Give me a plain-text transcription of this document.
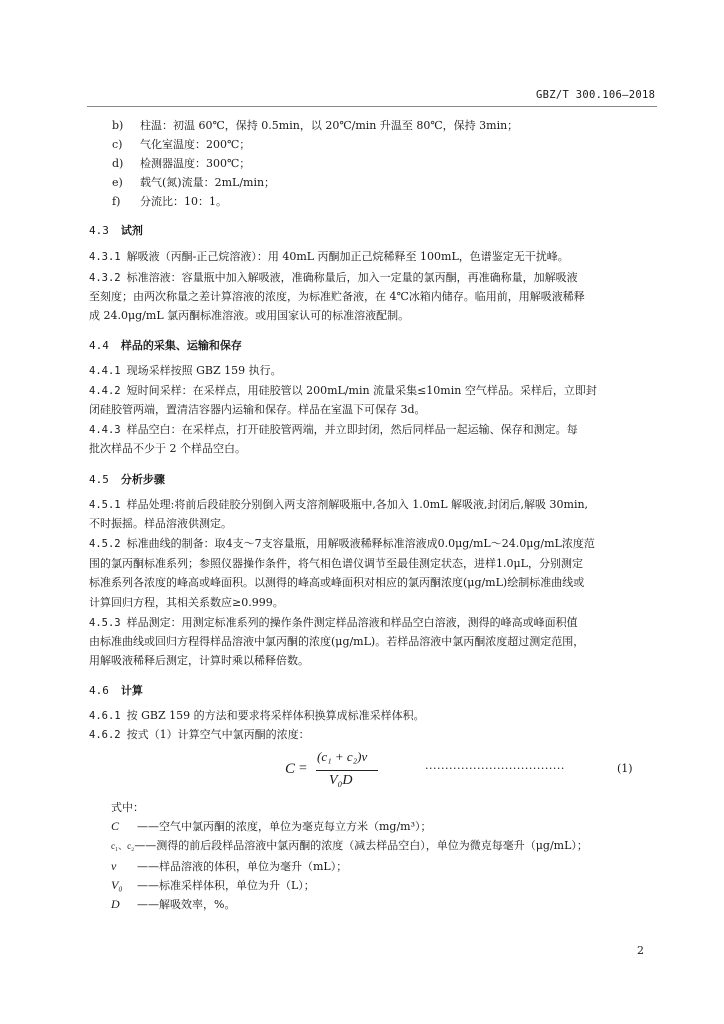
GBZ/T 300.106—2018
b) 柱温：初温 60℃，保持 0.5min，以 20℃/min 升温至 80℃，保持 3min；
c) 气化室温度：200℃；
d) 检测器温度：300℃；
e) 载气(氮)流量：2mL/min；
f) 分流比：10：1。
4.3 试剂
4.3.1 解吸液（丙酮-正己烷溶液）：用 40mL 丙酮加正己烷稀释至 100mL，色谱鉴定无干扰峰。
4.3.2 标准溶液：容量瓶中加入解吸液，准确称量后，加入一定量的氯丙酮，再准确称量，加解吸液
至刻度；由两次称量之差计算溶液的浓度，为标准贮备液，在 4℃冰箱内储存。临用前，用解吸液稀释
成 24.0μg/mL 氯丙酮标准溶液。或用国家认可的标准溶液配制。
4.4 样品的采集、运输和保存
4.4.1 现场采样按照 GBZ 159 执行。
4.4.2 短时间采样：在采样点，用硅胶管以 200mL/min 流量采集≤10min 空气样品。采样后，立即封
闭硅胶管两端，置清洁容器内运输和保存。样品在室温下可保存 3d。
4.4.3 样品空白：在采样点，打开硅胶管两端，并立即封闭，然后同样品一起运输、保存和测定。每
批次样品不少于 2 个样品空白。
4.5 分析步骤
4.5.1 样品处理:将前后段硅胶分别倒入两支溶剂解吸瓶中,各加入 1.0mL 解吸液,封闭后,解吸 30min,
不时振摇。样品溶液供测定。
4.5.2 标准曲线的制备：取4支～7支容量瓶，用解吸液稀释标准溶液成0.0μg/mL～24.0μg/mL浓度范
围的氯丙酮标准系列；参照仪器操作条件，将气相色谱仪调节至最佳测定状态，进样1.0μL，分别测定
标准系列各浓度的峰高或峰面积。以测得的峰高或峰面积对相应的氯丙酮浓度(μg/mL)绘制标准曲线或
计算回归方程，其相关系数应≥0.999。
4.5.3 样品测定：用测定标准系列的操作条件测定样品溶液和样品空白溶液，测得的峰高或峰面积值
由标准曲线或回归方程得样品溶液中氯丙酮的浓度(μg/mL)。若样品溶液中氯丙酮浓度超过测定范围，
用解吸液稀释后测定，计算时乘以稀释倍数。
4.6 计算
4.6.1 按 GBZ 159 的方法和要求将采样体积换算成标准采样体积。
4.6.2 按式（1）计算空气中氯丙酮的浓度：
C =
(c₁ + c₂)v
V₀D
···································	(1)
式中：
C ——空气中氯丙酮的浓度，单位为毫克每立方米（mg/m³）；
c₁、c₂——测得的前后段样品溶液中氯丙酮的浓度（减去样品空白），单位为微克每毫升（μg/mL）；
v ——样品溶液的体积，单位为毫升（mL）；
V₀ ——标准采样体积，单位为升（L）；
D ——解吸效率，%。
2
